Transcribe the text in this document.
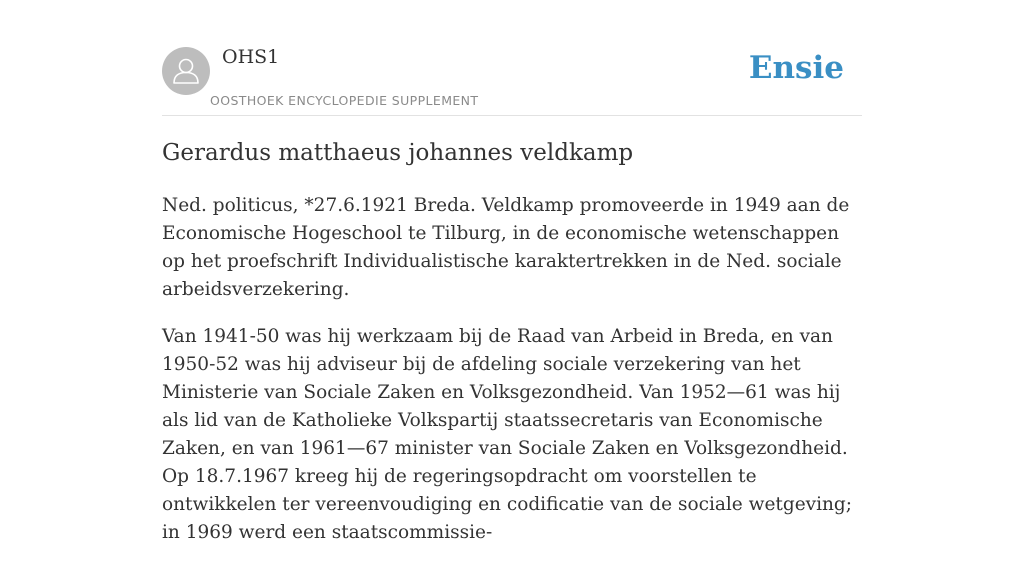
OHS1
OOSTHOEK ENCYCLOPEDIE SUPPLEMENT
Ensie
Gerardus matthaeus johannes veldkamp

Ned. politicus, *27.6.1921 Breda. Veldkamp promoveerde in 1949 aan de Economische Hogeschool te Tilburg, in de economische wetenschappen op het proefschrift Individualistische karaktertrekken in de Ned. sociale arbeidsverzekering.

Van 1941-50 was hij werkzaam bij de Raad van Arbeid in Breda, en van 1950-52 was hij adviseur bij de afdeling sociale verzekering van het Ministerie van Sociale Zaken en Volksgezondheid. Van 1952—61 was hij als lid van de Katholieke Volkspartij staatssecretaris van Economische Zaken, en van 1961—67 minister van Sociale Zaken en Volksgezondheid. Op 18.7.1967 kreeg hij de regeringsopdracht om voorstellen te ontwikkelen ter vereenvoudiging en codificatie van de sociale wetgeving; in 1969 werd een staatscommissie-
